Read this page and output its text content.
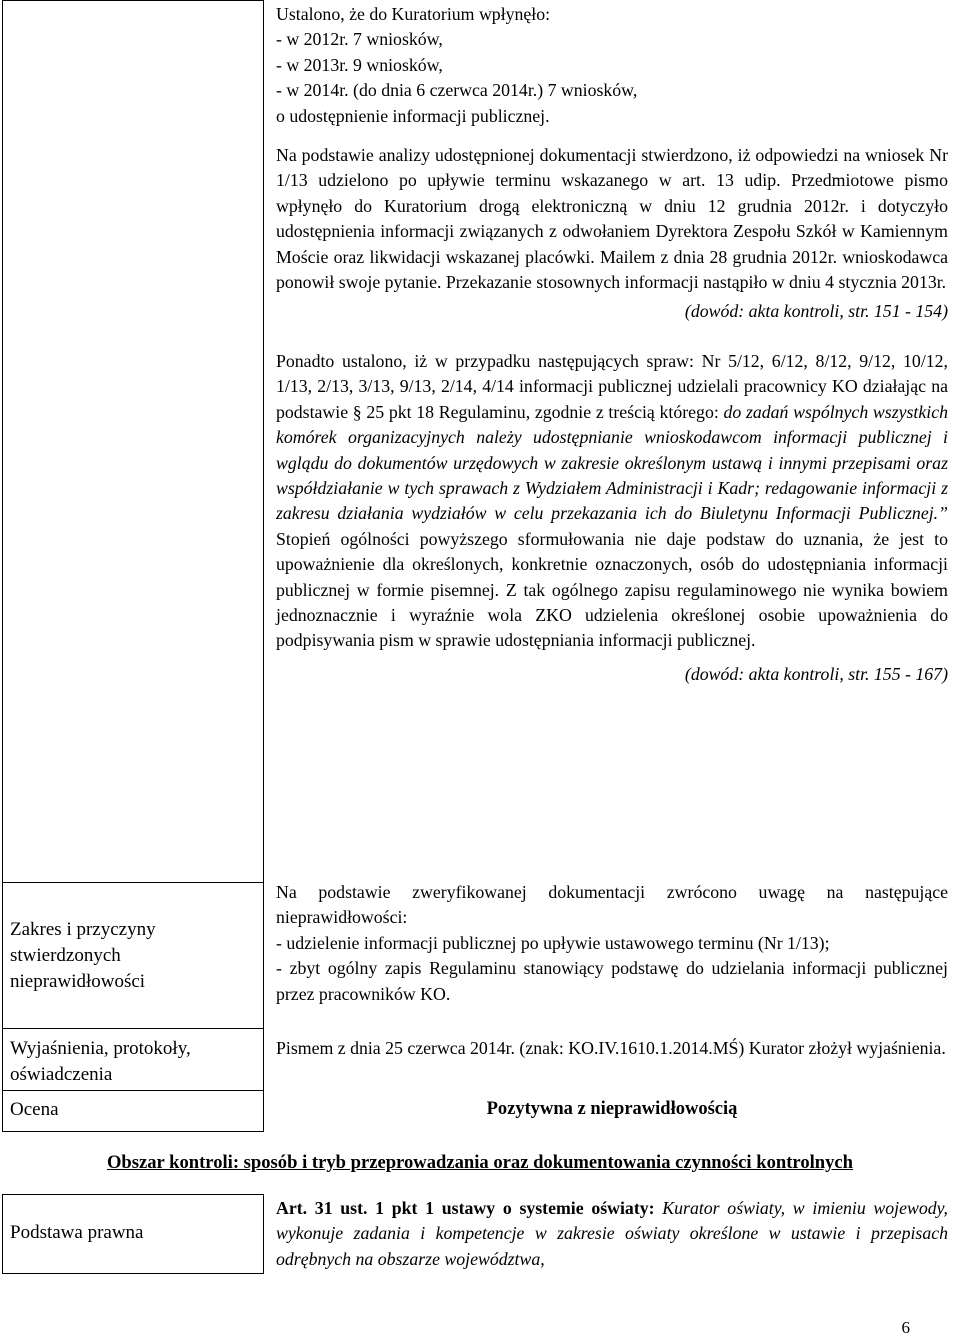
Ustalono, że do Kuratorium wpłynęło:

- w 2012r. 7 wniosków,

- w 2013r. 9 wniosków,

- w 2014r. (do dnia 6 czerwca 2014r.) 7 wniosków,

o udostępnienie informacji publicznej.

Na podstawie analizy udostępnionej dokumentacji stwierdzono, iż odpowiedzi na wniosek Nr 1/13 udzielono po upływie terminu wskazanego w art. 13 udip. Przedmiotowe pismo wpłynęło do Kuratorium drogą elektroniczną w dniu 12 grudnia 2012r. i dotyczyło udostępnienia informacji związanych z odwołaniem Dyrektora Zespołu Szkół w Kamiennym Moście oraz likwidacji wskazanej placówki. Mailem z dnia 28 grudnia 2012r. wnioskodawca ponowił swoje pytanie. Przekazanie stosownych informacji nastąpiło w dniu 4 stycznia 2013r.

(dowód: akta kontroli, str. 151 - 154)

Ponadto ustalono, iż w przypadku następujących spraw: Nr 5/12, 6/12, 8/12, 9/12, 10/12, 1/13, 2/13, 3/13, 9/13, 2/14, 4/14 informacji publicznej udzielali pracownicy KO działając na podstawie § 25 pkt 18 Regulaminu, zgodnie z treścią którego: do zadań wspólnych wszystkich komórek organizacyjnych należy udostępnianie wnioskodawcom informacji publicznej i wglądu do dokumentów urzędowych w zakresie określonym ustawą i innymi przepisami oraz współdziałanie w tych sprawach z Wydziałem Administracji i Kadr; redagowanie informacji z zakresu działania wydziałów w celu przekazania ich do Biuletynu Informacji Publicznej.” Stopień ogólności powyższego sformułowania nie daje podstaw do uznania, że jest to upoważnienie dla określonych, konkretnie oznaczonych, osób do udostępniania informacji publicznej w formie pisemnej. Z tak ogólnego zapisu regulaminowego nie wynika bowiem jednoznacznie i wyraźnie wola ZKO udzielenia określonej osobie upoważnienia do podpisywania pism w sprawie udostępniania informacji publicznej.

(dowód: akta kontroli, str. 155 - 167)

Zakres i przyczyny
stwierdzonych
nieprawidłowości

Na podstawie zweryfikowanej dokumentacji zwrócono uwagę na następujące nieprawidłowości:

- udzielenie informacji publicznej po upływie ustawowego terminu (Nr 1/13);

- zbyt ogólny zapis Regulaminu stanowiący podstawę do udzielania informacji publicznej przez pracowników KO.

Wyjaśnienia, protokoły,
oświadczenia

Pismem z dnia 25 czerwca 2014r. (znak: KO.IV.1610.1.2014.MŚ) Kurator złożył wyjaśnienia.

Ocena	Pozytywna z nieprawidłowością

Obszar kontroli: sposób i tryb przeprowadzania oraz dokumentowania czynności kontrolnych
Podstawa prawna

Art. 31 ust. 1 pkt 1 ustawy o systemie oświaty: Kurator oświaty, w imieniu wojewody, wykonuje zadania i kompetencje w zakresie oświaty określone w ustawie i przepisach odrębnych na obszarze województwa,

6
